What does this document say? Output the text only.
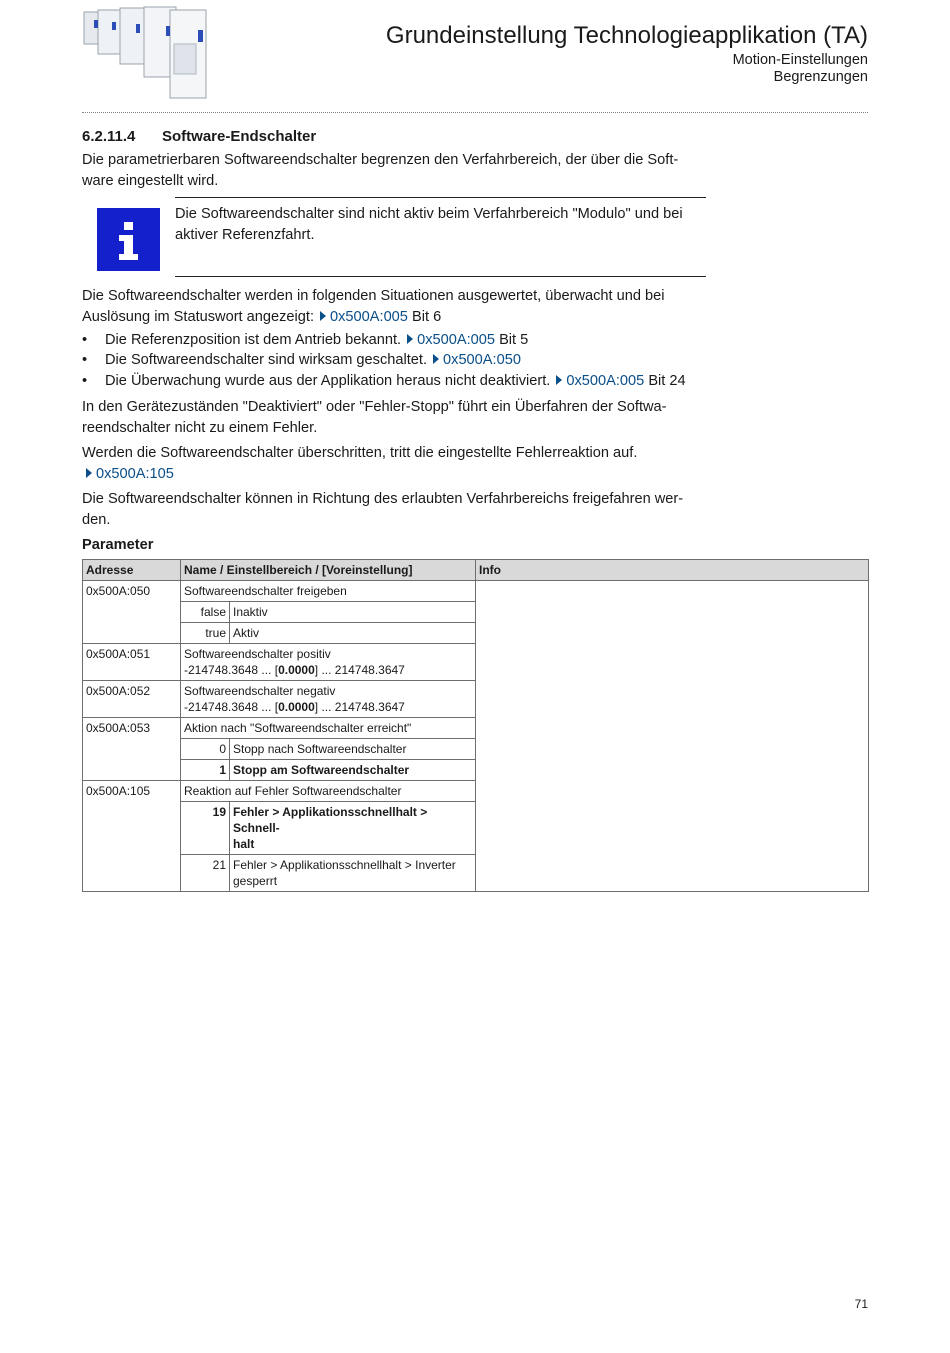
Grundeinstellung Technologieapplikation (TA)
Motion-Einstellungen
Begrenzungen
6.2.11.4 Software-Endschalter
Die parametrierbaren Softwareendschalter begrenzen den Verfahrbereich, der über die Soft-
ware eingestellt wird.
Die Softwareendschalter sind nicht aktiv beim Verfahrbereich "Modulo" und bei
aktiver Referenzfahrt.
Die Softwareendschalter werden in folgenden Situationen ausgewertet, überwacht und bei
Auslösung im Statuswort angezeigt: 0x500A:005 Bit 6
• Die Referenzposition ist dem Antrieb bekannt. 0x500A:005 Bit 5
• Die Softwareendschalter sind wirksam geschaltet. 0x500A:050
• Die Überwachung wurde aus der Applikation heraus nicht deaktiviert. 0x500A:005 Bit 24
In den Gerätezuständen "Deaktiviert" oder "Fehler-Stopp" führt ein Überfahren der Softwa-
reendschalter nicht zu einem Fehler.
Werden die Softwareendschalter überschritten, tritt die eingestellte Fehlerreaktion auf.
0x500A:105
Die Softwareendschalter können in Richtung des erlaubten Verfahrbereichs freigefahren wer-
den.
Parameter
Adresse	Name / Einstellbereich / [Voreinstellung]		Info
0x500A:050	Softwareendschalter freigeben		
	false	Inaktiv	
	true	Aktiv	
0x500A:051	Softwareendschalter positiv
-214748.3648 ... [0.0000] ... 214748.3647		

0x500A:052	Softwareendschalter negativ
-214748.3648 ... [0.0000] ... 214748.3647		

0x500A:053	Aktion nach "Softwareendschalter erreicht"		
	0	Stopp nach Softwareendschalter	
	1	Stopp am Softwareendschalter	
0x500A:105	Reaktion auf Fehler Softwareendschalter		
	19	Fehler > Applikationsschnellhalt > Schnell-
halt	

	21	Fehler > Applikationsschnellhalt > Inverter
gesperrt	
71
